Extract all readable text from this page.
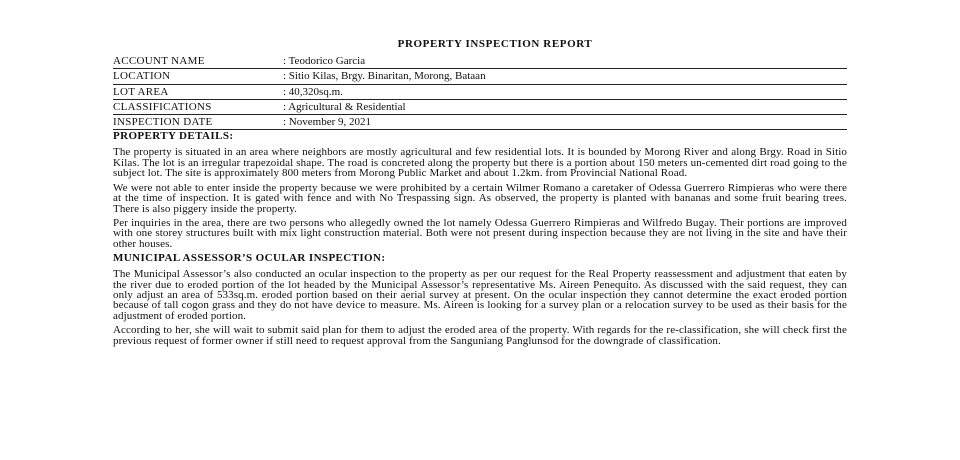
PROPERTY INSPECTION REPORT
ACCOUNT NAME	: Teodorico Garcia
LOCATION	: Sitio Kilas, Brgy. Binaritan, Morong, Bataan
LOT AREA	: 40,320sq.m.
CLASSIFICATIONS	: Agricultural & Residential
INSPECTION DATE	: November 9, 2021
PROPERTY DETAILS:

The property is situated in an area where neighbors are mostly agricultural and few residential lots. It is bounded by Morong River and along Brgy. Road in Sitio Kilas. The lot is an irregular trapezoidal shape. The road is concreted along the property but there is a portion about 150 meters un-cemented dirt road going to the subject lot. The site is approximately 800 meters from Morong Public Market and about 1.2km. from Provincial National Road.

We were not able to enter inside the property because we were prohibited by a certain Wilmer Romano a caretaker of Odessa Guerrero Rimpieras who were there at the time of inspection. It is gated with fence and with No Trespassing sign. As observed, the property is planted with bananas and some fruit bearing trees. There is also piggery inside the property.

Per inquiries in the area, there are two persons who allegedly owned the lot namely Odessa Guerrero Rimpieras and Wilfredo Bugay. Their portions are improved with one storey structures built with mix light construction material. Both were not present during inspection because they are not living in the site and have their other houses.

MUNICIPAL ASSESSOR’S OCULAR INSPECTION:

The Municipal Assessor’s also conducted an ocular inspection to the property as per our request for the Real Property reassessment and adjustment that eaten by the river due to eroded portion of the lot headed by the Municipal Assessor’s representative Ms. Aireen Penequito. As discussed with the said request, they can only adjust an area of 533sq.m. eroded portion based on their aerial survey at present. On the ocular inspection they cannot determine the exact eroded portion because of tall cogon grass and they do not have device to measure. Ms. Aireen is looking for a survey plan or a relocation survey to be used as their basis for the adjustment of eroded portion.

According to her, she will wait to submit said plan for them to adjust the eroded area of the property. With regards for the re-classification, she will check first the previous request of former owner if still need to request approval from the Sanguniang Panglunsod for the downgrade of classification.
